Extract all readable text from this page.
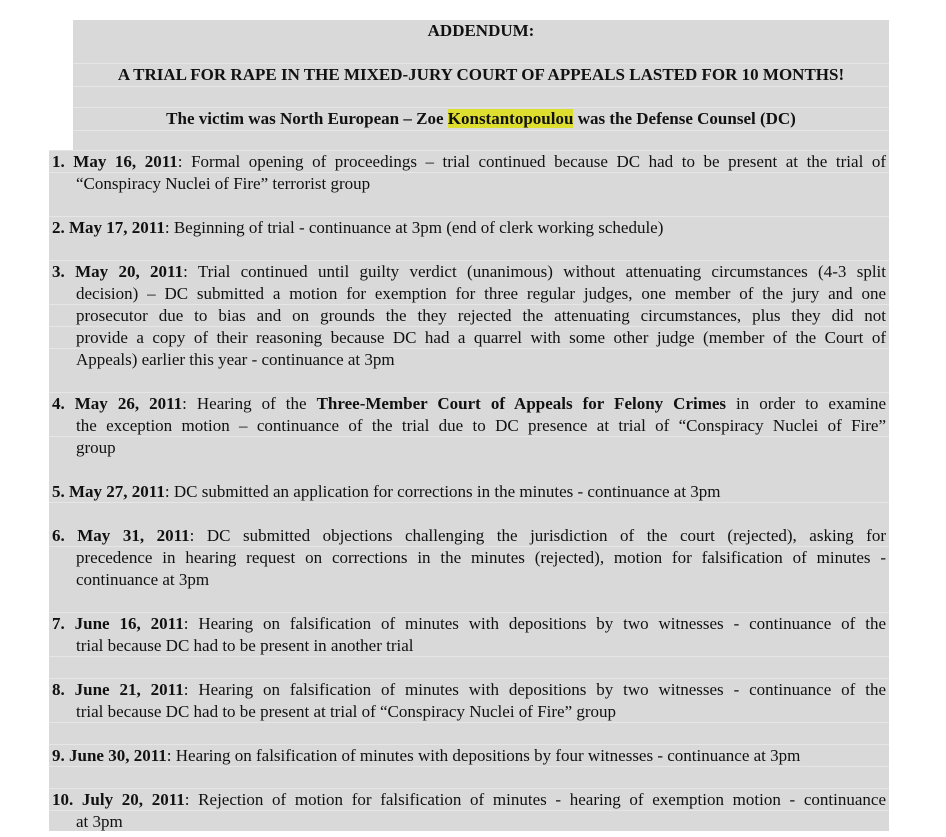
ADDENDUM:
A TRIAL FOR RAPE IN THE MIXED-JURY COURT OF APPEALS LASTED FOR 10 MONTHS!
The victim was North European – Zoe Konstantopoulou was the Defense Counsel (DC)
1. May 16, 2011: Formal opening of proceedings – trial continued because DC had to be present at the trial of
“Conspiracy Nuclei of Fire” terrorist group
2. May 17, 2011: Beginning of trial - continuance at 3pm (end of clerk working schedule)
3. May 20, 2011: Trial continued until guilty verdict (unanimous) without attenuating circumstances (4-3 split
decision) – DC submitted a motion for exemption for three regular judges, one member of the jury and one
prosecutor due to bias and on grounds the they rejected the attenuating circumstances, plus they did not
provide a copy of their reasoning because DC had a quarrel with some other judge (member of the Court of
Appeals) earlier this year - continuance at 3pm
4. May 26, 2011: Hearing of the Three-Member Court of Appeals for Felony Crimes in order to examine
the exception motion – continuance of the trial due to DC presence at trial of “Conspiracy Nuclei of Fire”
group
5. May 27, 2011: DC submitted an application for corrections in the minutes - continuance at 3pm
6. May 31, 2011: DC submitted objections challenging the jurisdiction of the court (rejected), asking for
precedence in hearing request on corrections in the minutes (rejected), motion for falsification of minutes -
continuance at 3pm
7. June 16, 2011: Hearing on falsification of minutes with depositions by two witnesses - continuance of the
trial because DC had to be present in another trial
8. June 21, 2011: Hearing on falsification of minutes with depositions by two witnesses - continuance of the
trial because DC had to be present at trial of “Conspiracy Nuclei of Fire” group
9. June 30, 2011: Hearing on falsification of minutes with depositions by four witnesses - continuance at 3pm
10. July 20, 2011: Rejection of motion for falsification of minutes - hearing of exemption motion - continuance
at 3pm
